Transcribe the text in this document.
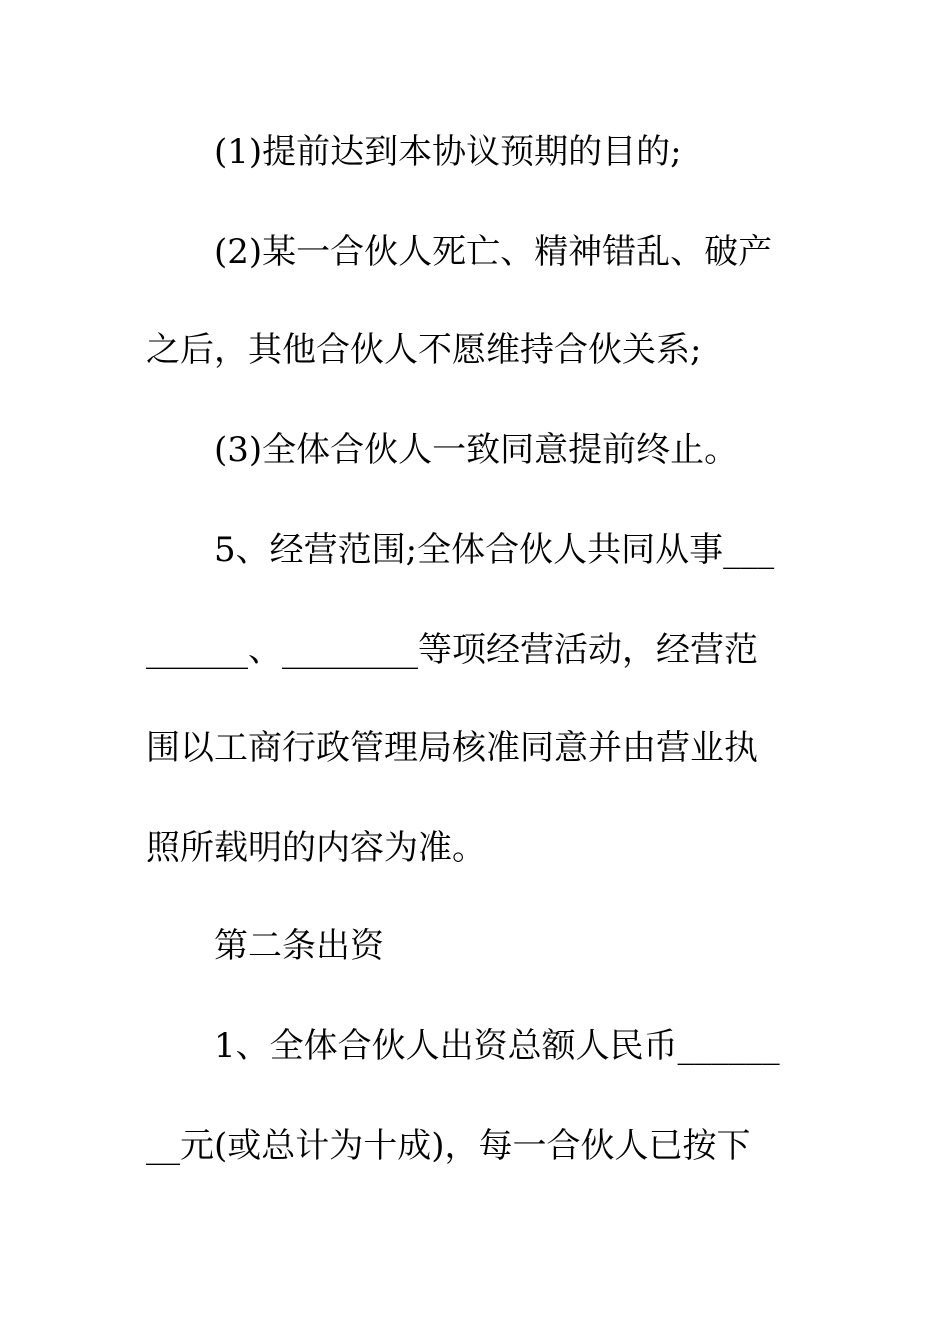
(1)提前达到本协议预期的目的;
(2)某一合伙人死亡、精神错乱、破产
之后，其他合伙人不愿维持合伙关系;
(3)全体合伙人一致同意提前终止。
5、经营范围;全体合伙人共同从事___
______、________等项经营活动，经营范
围以工商行政管理局核准同意并由营业执
照所载明的内容为准。
第二条出资
1、全体合伙人出资总额人民币______
__元(或总计为十成)，每一合伙人已按下
